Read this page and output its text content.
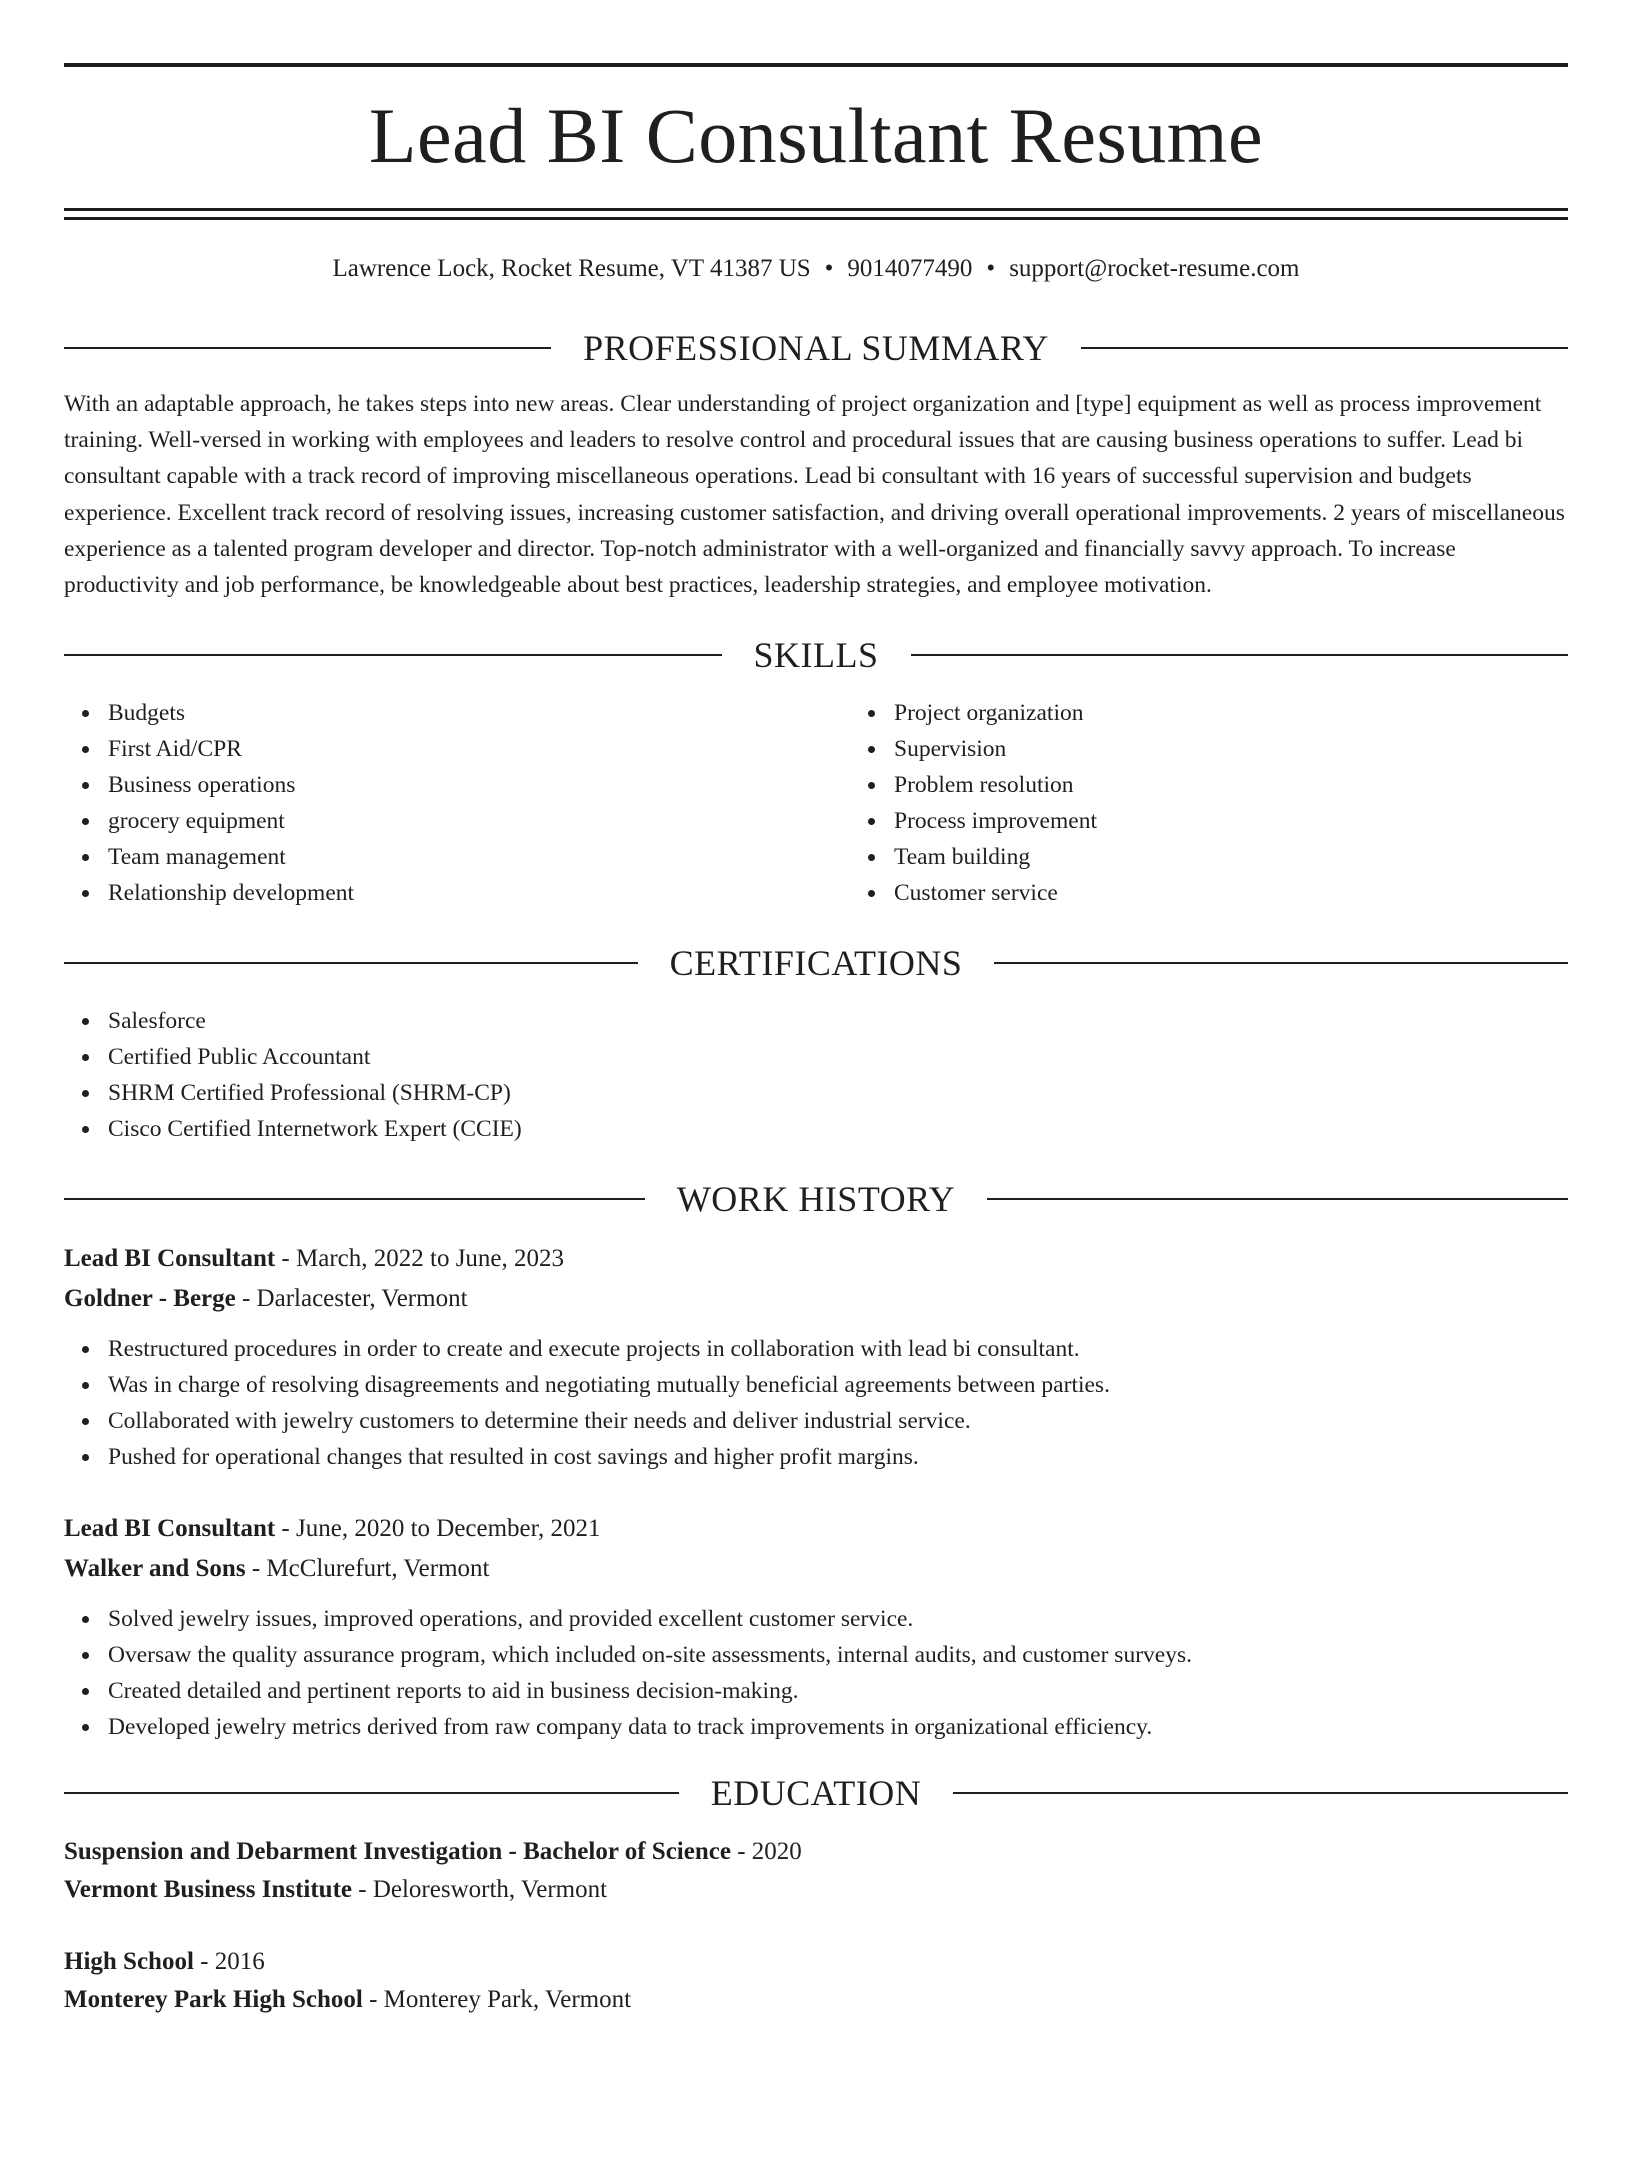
Lead BI Consultant Resume
Lawrence Lock, Rocket Resume, VT 41387 US • 9014077490 • support@rocket-resume.com
PROFESSIONAL SUMMARY
With an adaptable approach, he takes steps into new areas. Clear understanding of project organization and [type] equipment as well as process improvement training. Well-versed in working with employees and leaders to resolve control and procedural issues that are causing business operations to suffer. Lead bi consultant capable with a track record of improving miscellaneous operations. Lead bi consultant with 16 years of successful supervision and budgets experience. Excellent track record of resolving issues, increasing customer satisfaction, and driving overall operational improvements. 2 years of miscellaneous experience as a talented program developer and director. Top-notch administrator with a well-organized and financially savvy approach. To increase productivity and job performance, be knowledgeable about best practices, leadership strategies, and employee motivation.
SKILLS
Budgets
First Aid/CPR
Business operations
grocery equipment
Team management
Relationship development
Project organization
Supervision
Problem resolution
Process improvement
Team building
Customer service
CERTIFICATIONS
Salesforce
Certified Public Accountant
SHRM Certified Professional (SHRM-CP)
Cisco Certified Internetwork Expert (CCIE)
WORK HISTORY
Lead BI Consultant - March, 2022 to June, 2023
Goldner - Berge - Darlacester, Vermont
Restructured procedures in order to create and execute projects in collaboration with lead bi consultant.
Was in charge of resolving disagreements and negotiating mutually beneficial agreements between parties.
Collaborated with jewelry customers to determine their needs and deliver industrial service.
Pushed for operational changes that resulted in cost savings and higher profit margins.
Lead BI Consultant - June, 2020 to December, 2021
Walker and Sons - McClurefurt, Vermont
Solved jewelry issues, improved operations, and provided excellent customer service.
Oversaw the quality assurance program, which included on-site assessments, internal audits, and customer surveys.
Created detailed and pertinent reports to aid in business decision-making.
Developed jewelry metrics derived from raw company data to track improvements in organizational efficiency.
EDUCATION
Suspension and Debarment Investigation - Bachelor of Science - 2020
Vermont Business Institute - Deloresworth, Vermont
High School - 2016
Monterey Park High School - Monterey Park, Vermont
